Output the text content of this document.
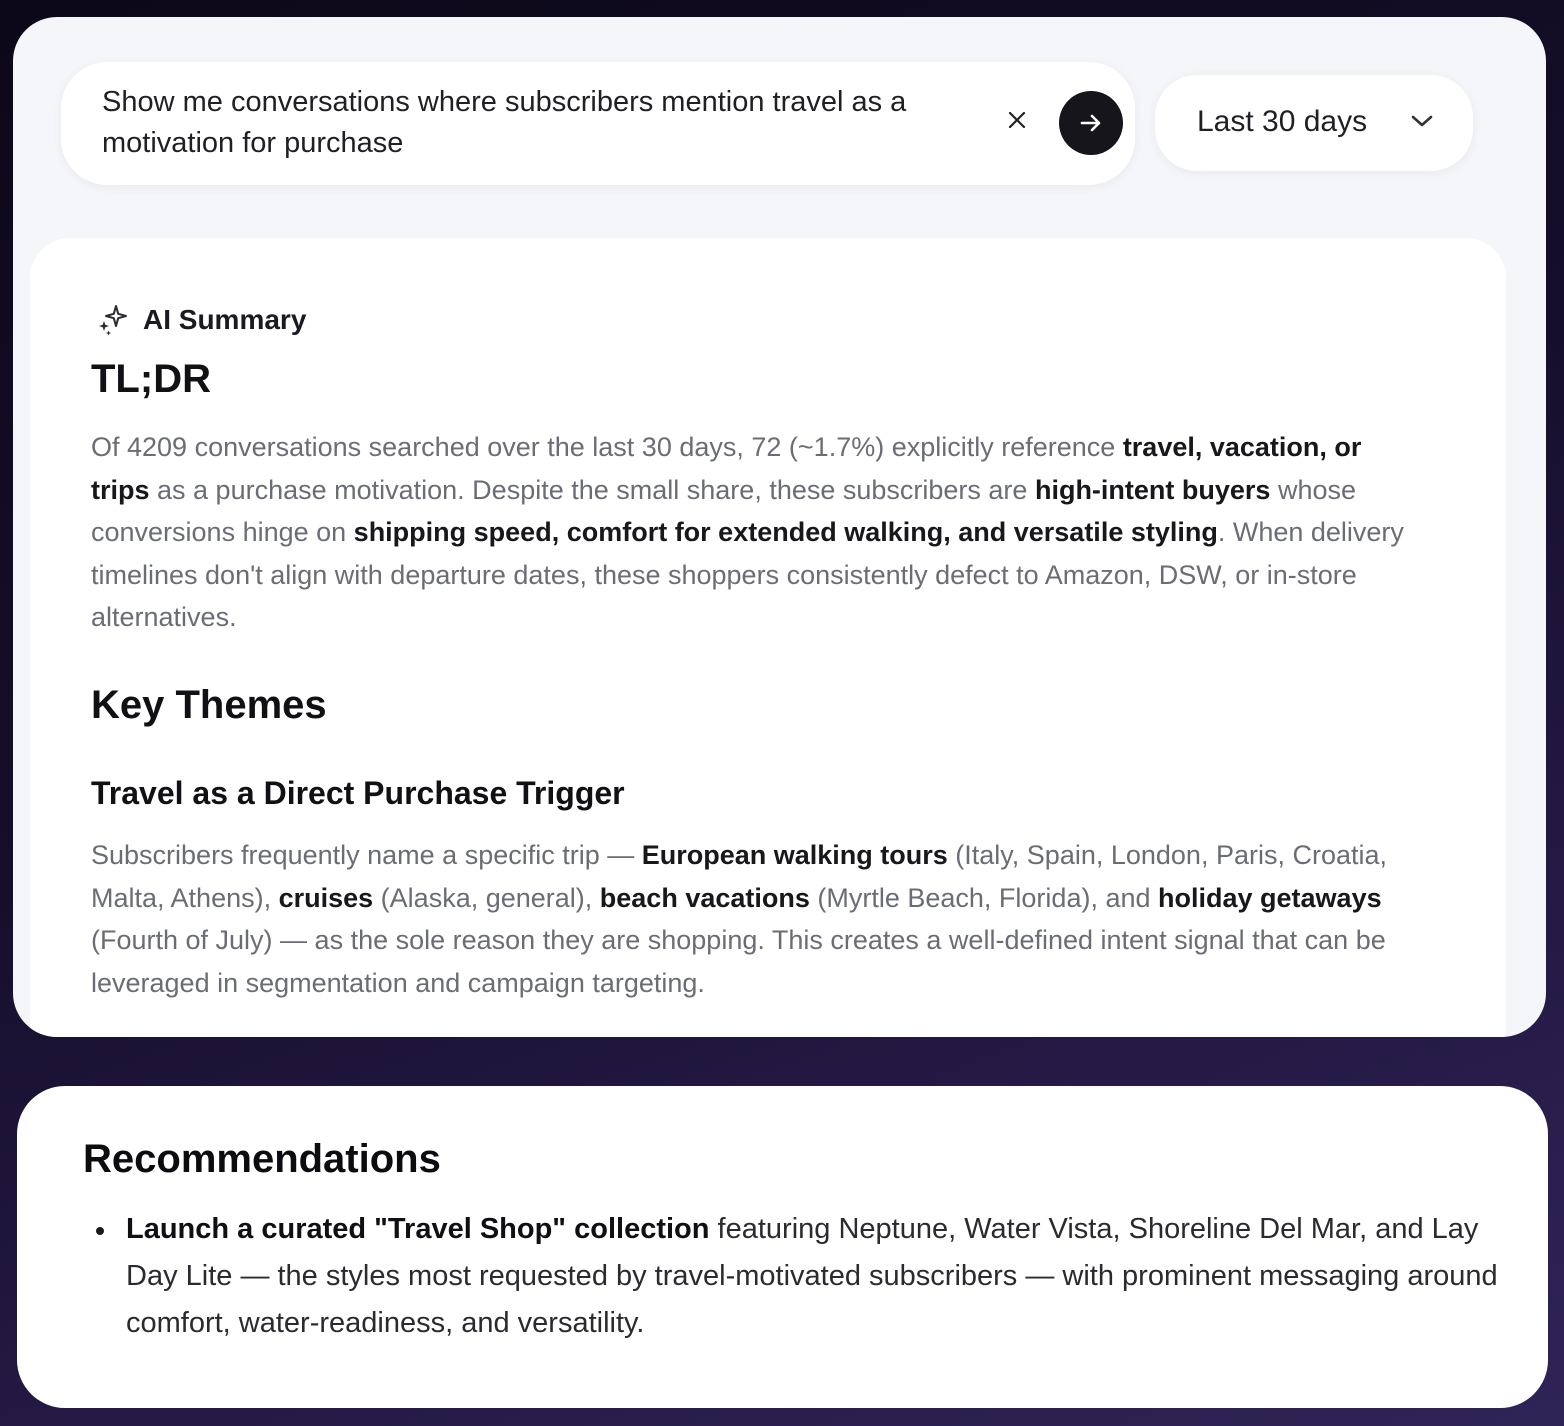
Show me conversations where subscribers mention travel as a motivation for purchase
Last 30 days
AI Summary
TL;DR

Of 4209 conversations searched over the last 30 days, 72 (~1.7%) explicitly reference travel, vacation, or trips as a purchase motivation. Despite the small share, these subscribers are high-intent buyers whose conversions hinge on shipping speed, comfort for extended walking, and versatile styling. When delivery timelines don't align with departure dates, these shoppers consistently defect to Amazon, DSW, or in-store alternatives.

Key Themes
Travel as a Direct Purchase Trigger

Subscribers frequently name a specific trip — European walking tours (Italy, Spain, London, Paris, Croatia, Malta, Athens), cruises (Alaska, general), beach vacations (Myrtle Beach, Florida), and holiday getaways (Fourth of July) — as the sole reason they are shopping. This creates a well-defined intent signal that can be leveraged in segmentation and campaign targeting.

Recommendations
Launch a curated "Travel Shop" collection featuring Neptune, Water Vista, Shoreline Del Mar, and Lay Day Lite — the styles most requested by travel-motivated subscribers — with prominent messaging around comfort, water-readiness, and versatility.
